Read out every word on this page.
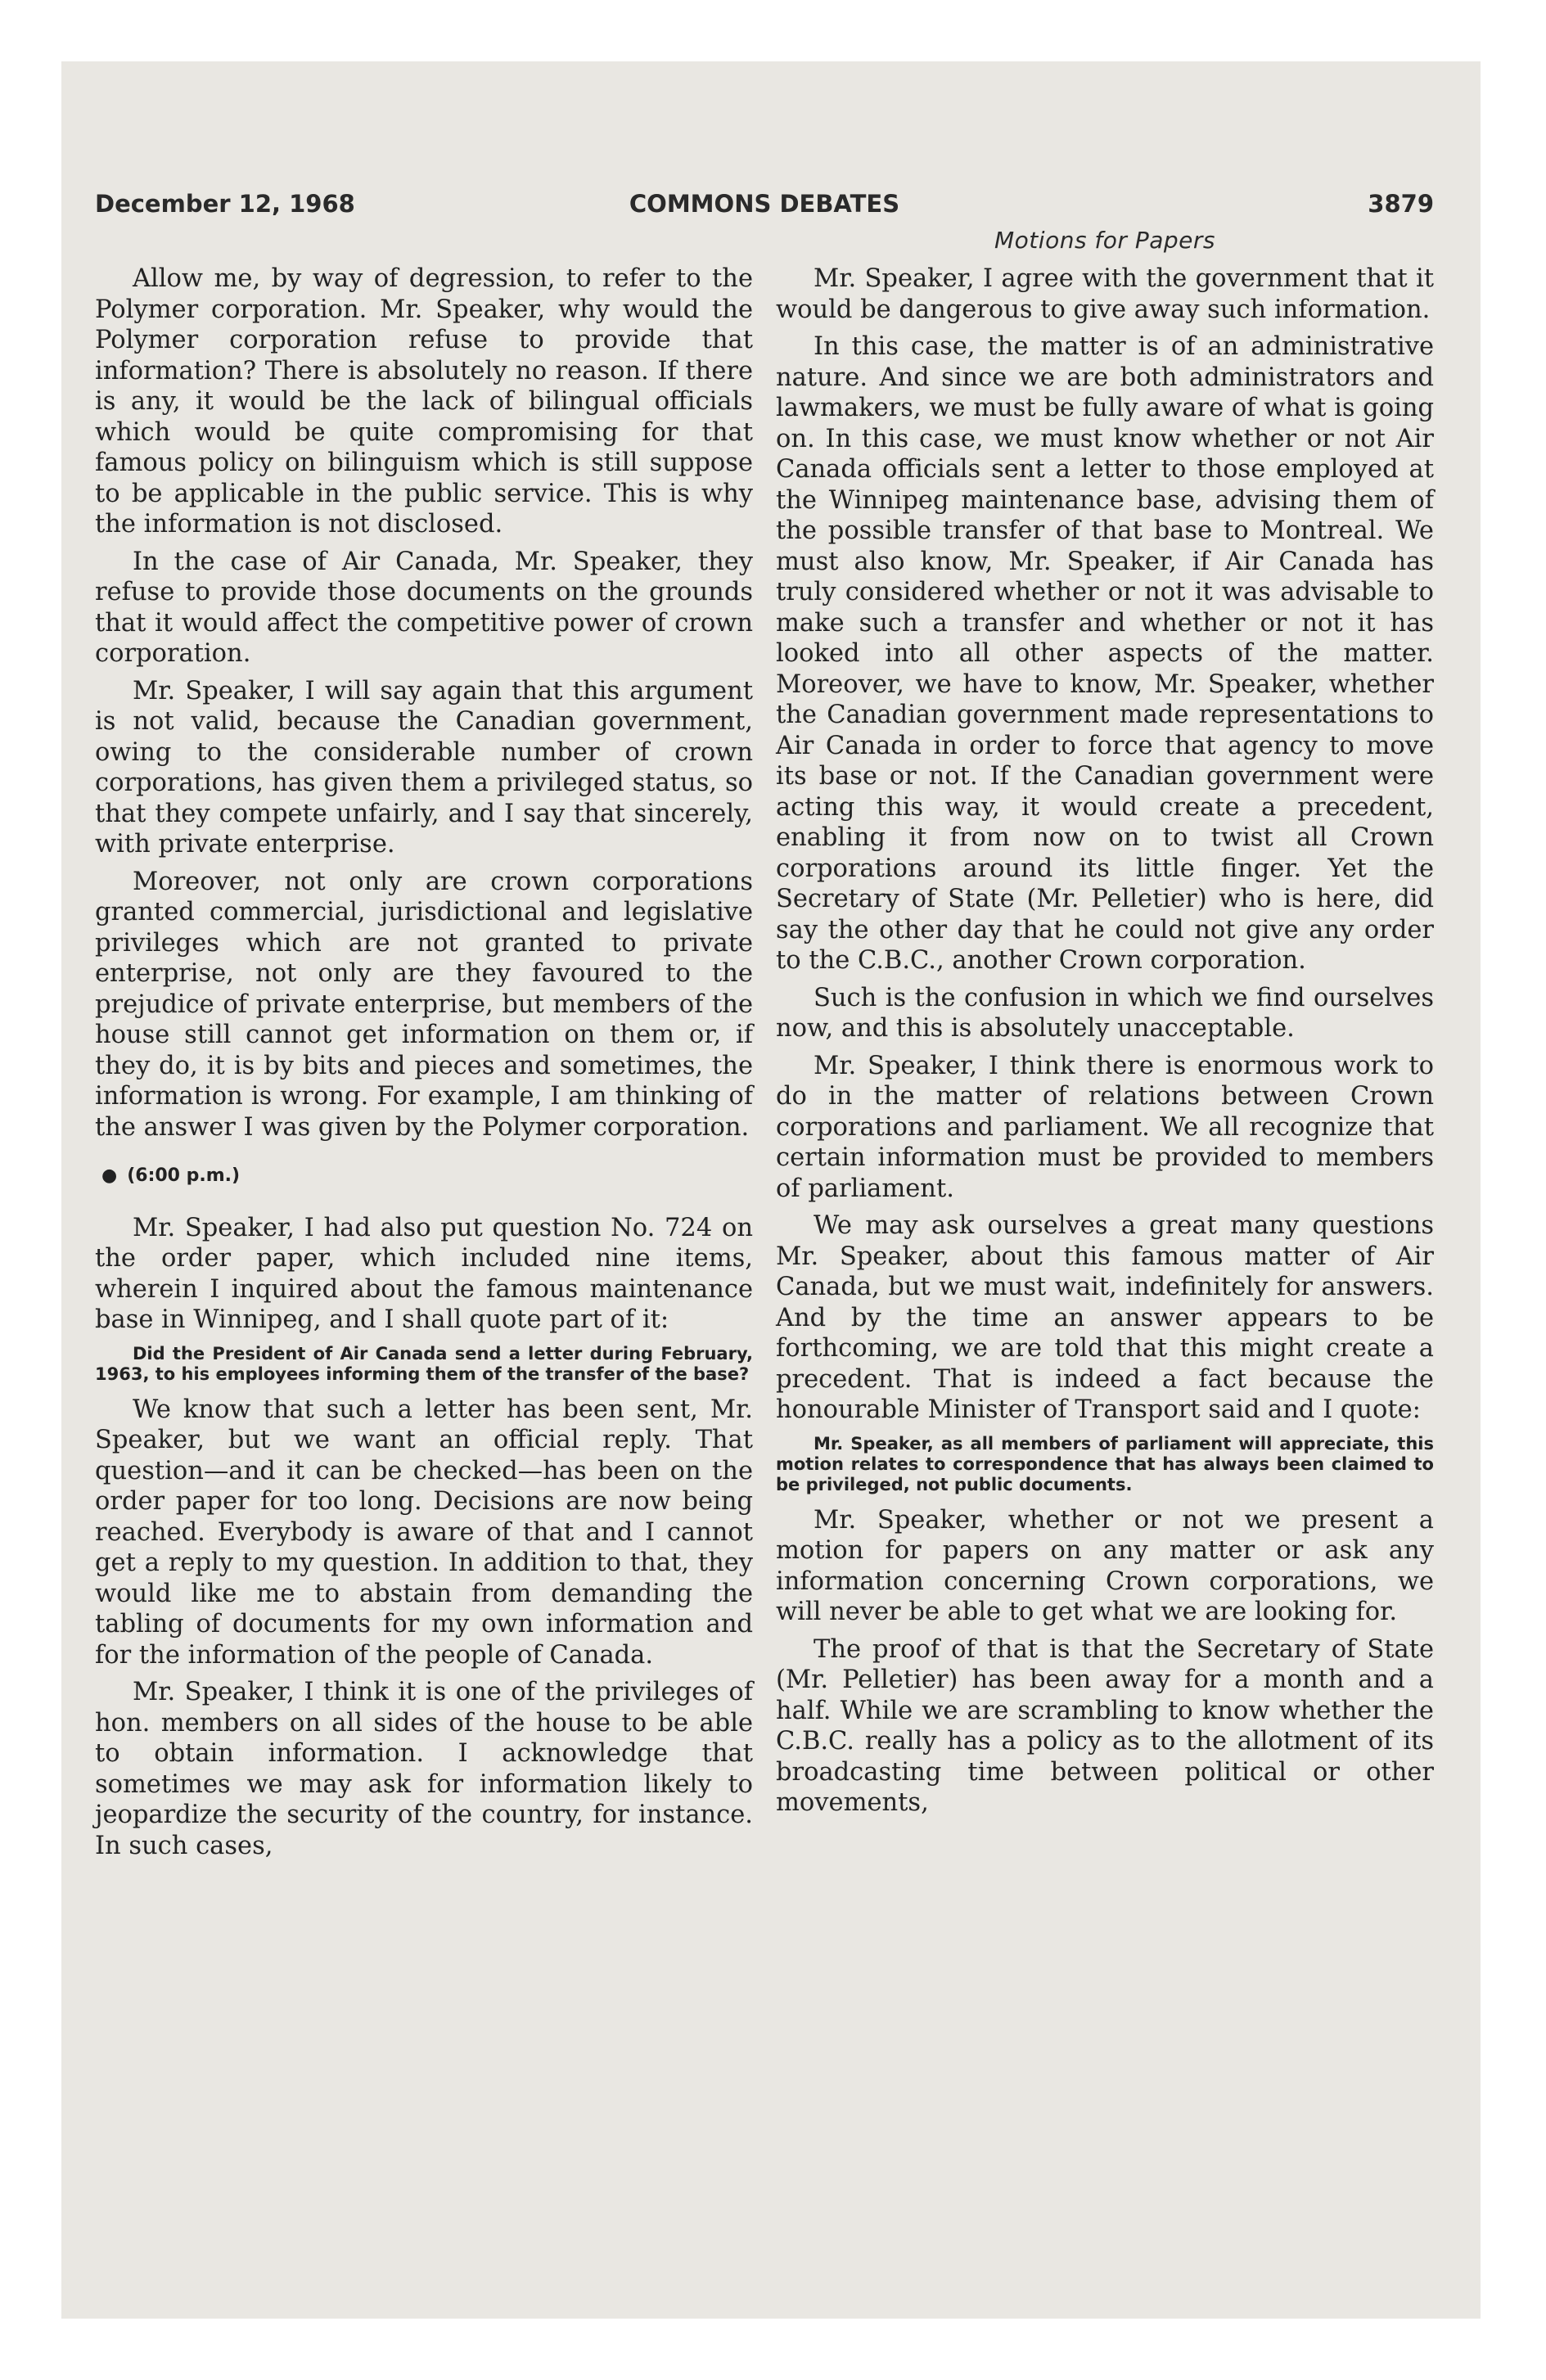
December 12, 1968	COMMONS DEBATES	3879
Motions for Papers

Allow me, by way of degression, to refer to the Polymer corporation. Mr. Speaker, why would the Polymer corporation refuse to provide that information? There is absolutely no reason. If there is any, it would be the lack of bilingual officials which would be quite compromising for that famous policy on bilinguism which is still suppose to be applicable in the public service. This is why the information is not disclosed.

In the case of Air Canada, Mr. Speaker, they refuse to provide those documents on the grounds that it would affect the competitive power of crown corporation.

Mr. Speaker, I will say again that this argument is not valid, because the Canadian government, owing to the considerable number of crown corporations, has given them a privileged status, so that they compete unfairly, and I say that sincerely, with private enterprise.

Moreover, not only are crown corporations granted commercial, jurisdictional and legislative privileges which are not granted to private enterprise, not only are they favoured to the prejudice of private enterprise, but members of the house still cannot get information on them or, if they do, it is by bits and pieces and sometimes, the information is wrong. For example, I am thinking of the answer I was given by the Polymer corporation.

● (6:00 p.m.)

Mr. Speaker, I had also put question No. 724 on the order paper, which included nine items, wherein I inquired about the famous maintenance base in Winnipeg, and I shall quote part of it:

Did the President of Air Canada send a letter during February, 1963, to his employees informing them of the transfer of the base?

We know that such a letter has been sent, Mr. Speaker, but we want an official reply. That question—and it can be checked—has been on the order paper for too long. Decisions are now being reached. Everybody is aware of that and I cannot get a reply to my question. In addition to that, they would like me to abstain from demanding the tabling of documents for my own information and for the information of the people of Canada.

Mr. Speaker, I think it is one of the privileges of hon. members on all sides of the house to be able to obtain information. I acknowledge that sometimes we may ask for information likely to jeopardize the security of the country, for instance. In such cases,

Mr. Speaker, I agree with the government that it would be dangerous to give away such information.

In this case, the matter is of an administrative nature. And since we are both administrators and lawmakers, we must be fully aware of what is going on. In this case, we must know whether or not Air Canada officials sent a letter to those employed at the Winnipeg maintenance base, advising them of the possible transfer of that base to Montreal. We must also know, Mr. Speaker, if Air Canada has truly considered whether or not it was advisable to make such a transfer and whether or not it has looked into all other aspects of the matter. Moreover, we have to know, Mr. Speaker, whether the Canadian government made representations to Air Canada in order to force that agency to move its base or not. If the Canadian government were acting this way, it would create a precedent, enabling it from now on to twist all Crown corporations around its little finger. Yet the Secretary of State (Mr. Pelletier) who is here, did say the other day that he could not give any order to the C.B.C., another Crown corporation.

Such is the confusion in which we find ourselves now, and this is absolutely unacceptable.

Mr. Speaker, I think there is enormous work to do in the matter of relations between Crown corporations and parliament. We all recognize that certain information must be provided to members of parliament.

We may ask ourselves a great many questions Mr. Speaker, about this famous matter of Air Canada, but we must wait, indefinitely for answers. And by the time an answer appears to be forthcoming, we are told that this might create a precedent. That is indeed a fact because the honourable Minister of Transport said and I quote:

Mr. Speaker, as all members of parliament will appreciate, this motion relates to correspondence that has always been claimed to be privileged, not public documents.

Mr. Speaker, whether or not we present a motion for papers on any matter or ask any information concerning Crown corporations, we will never be able to get what we are looking for.

The proof of that is that the Secretary of State (Mr. Pelletier) has been away for a month and a half. While we are scrambling to know whether the C.B.C. really has a policy as to the allotment of its broadcasting time between political or other movements,
